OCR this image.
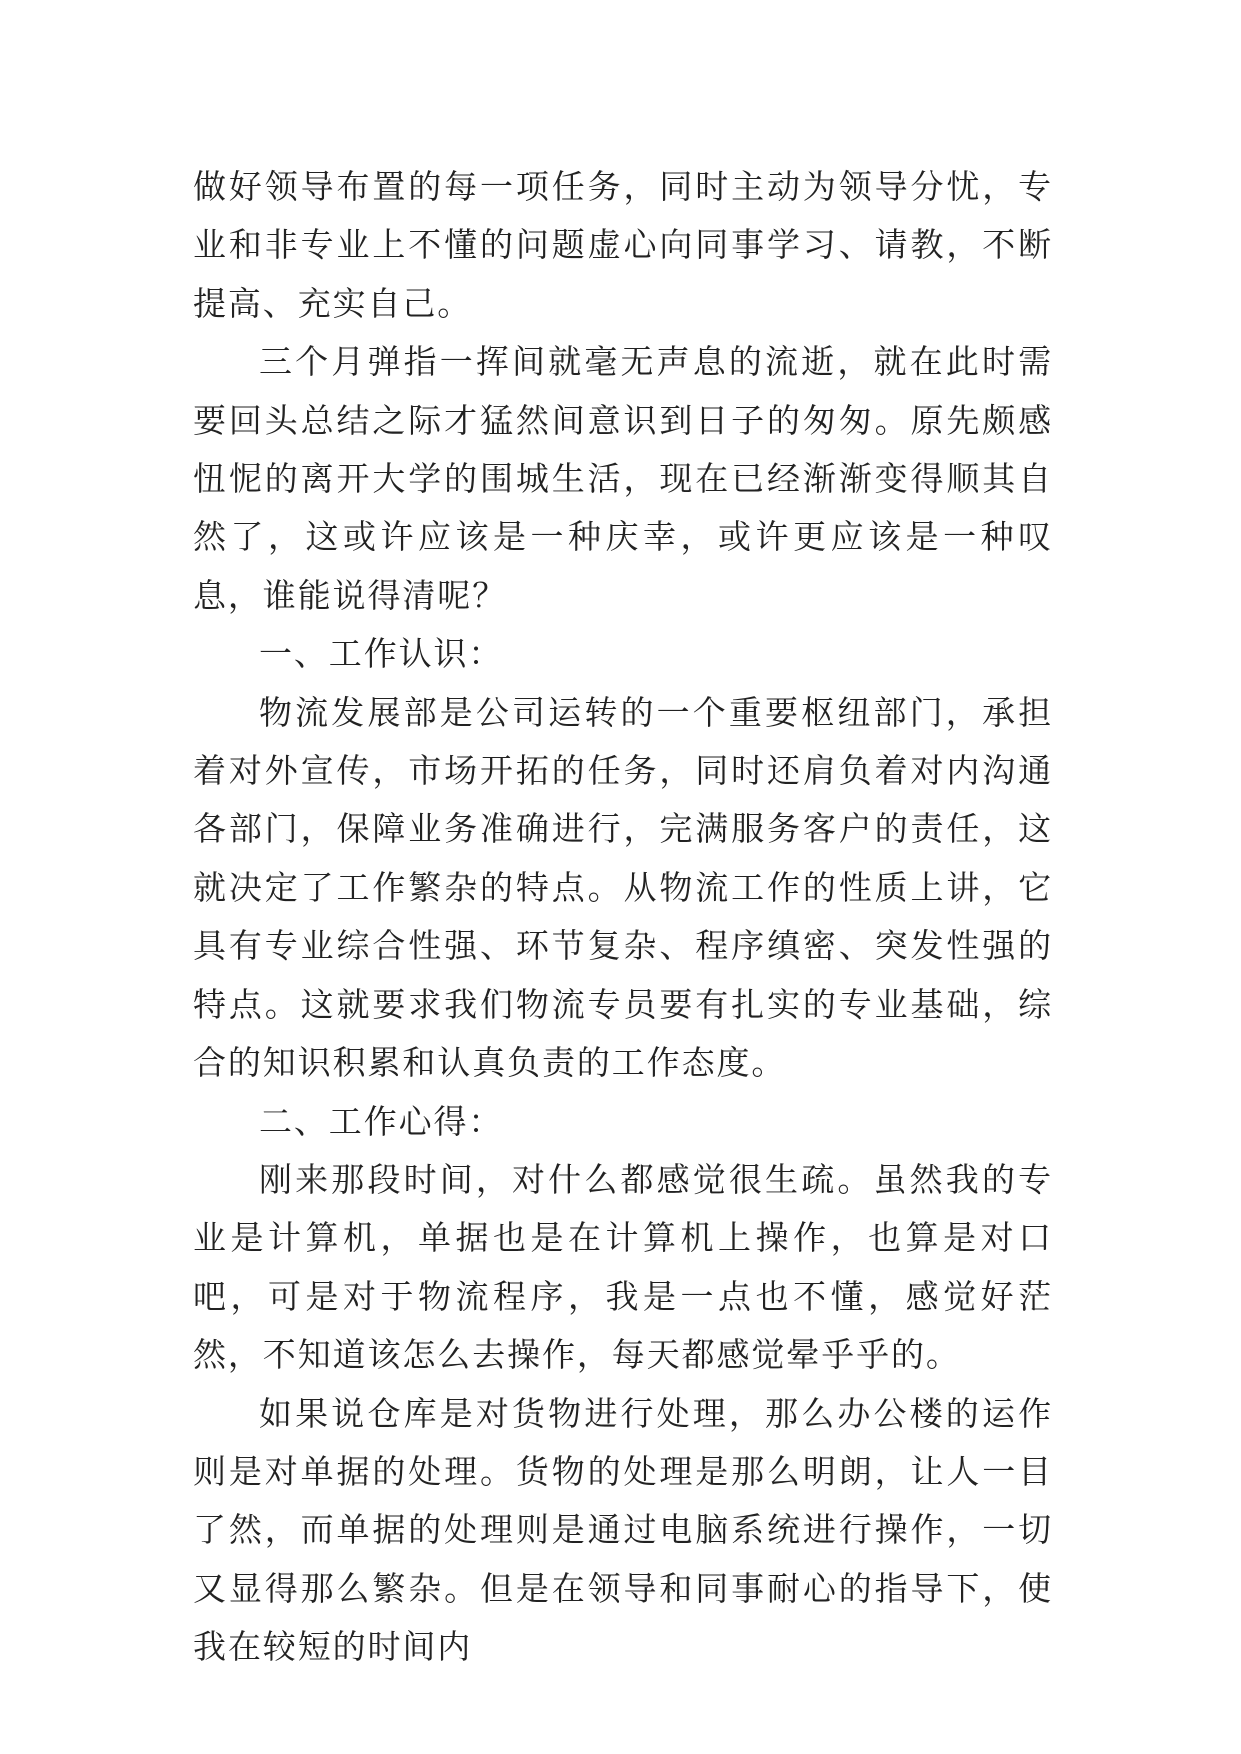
做好领导布置的每一项任务，同时主动为领导分忧，专业和非专业上不懂的问题虚心向同事学习、请教，不断提高、充实自己。

三个月弹指一挥间就毫无声息的流逝，就在此时需要回头总结之际才猛然间意识到日子的匆匆。原先颇感忸怩的离开大学的围城生活，现在已经渐渐变得顺其自然了，这或许应该是一种庆幸，或许更应该是一种叹息，谁能说得清呢？

一、工作认识：

物流发展部是公司运转的一个重要枢纽部门，承担着对外宣传，市场开拓的任务，同时还肩负着对内沟通各部门，保障业务准确进行，完满服务客户的责任，这就决定了工作繁杂的特点。从物流工作的性质上讲，它具有专业综合性强、环节复杂、程序缜密、突发性强的特点。这就要求我们物流专员要有扎实的专业基础，综合的知识积累和认真负责的工作态度。

二、工作心得：

刚来那段时间，对什么都感觉很生疏。虽然我的专业是计算机，单据也是在计算机上操作，也算是对口吧，可是对于物流程序，我是一点也不懂，感觉好茫然，不知道该怎么去操作，每天都感觉晕乎乎的。

如果说仓库是对货物进行处理，那么办公楼的运作则是对单据的处理。货物的处理是那么明朗，让人一目了然，而单据的处理则是通过电脑系统进行操作，一切又显得那么繁杂。但是在领导和同事耐心的指导下，使我在较短的时间内
